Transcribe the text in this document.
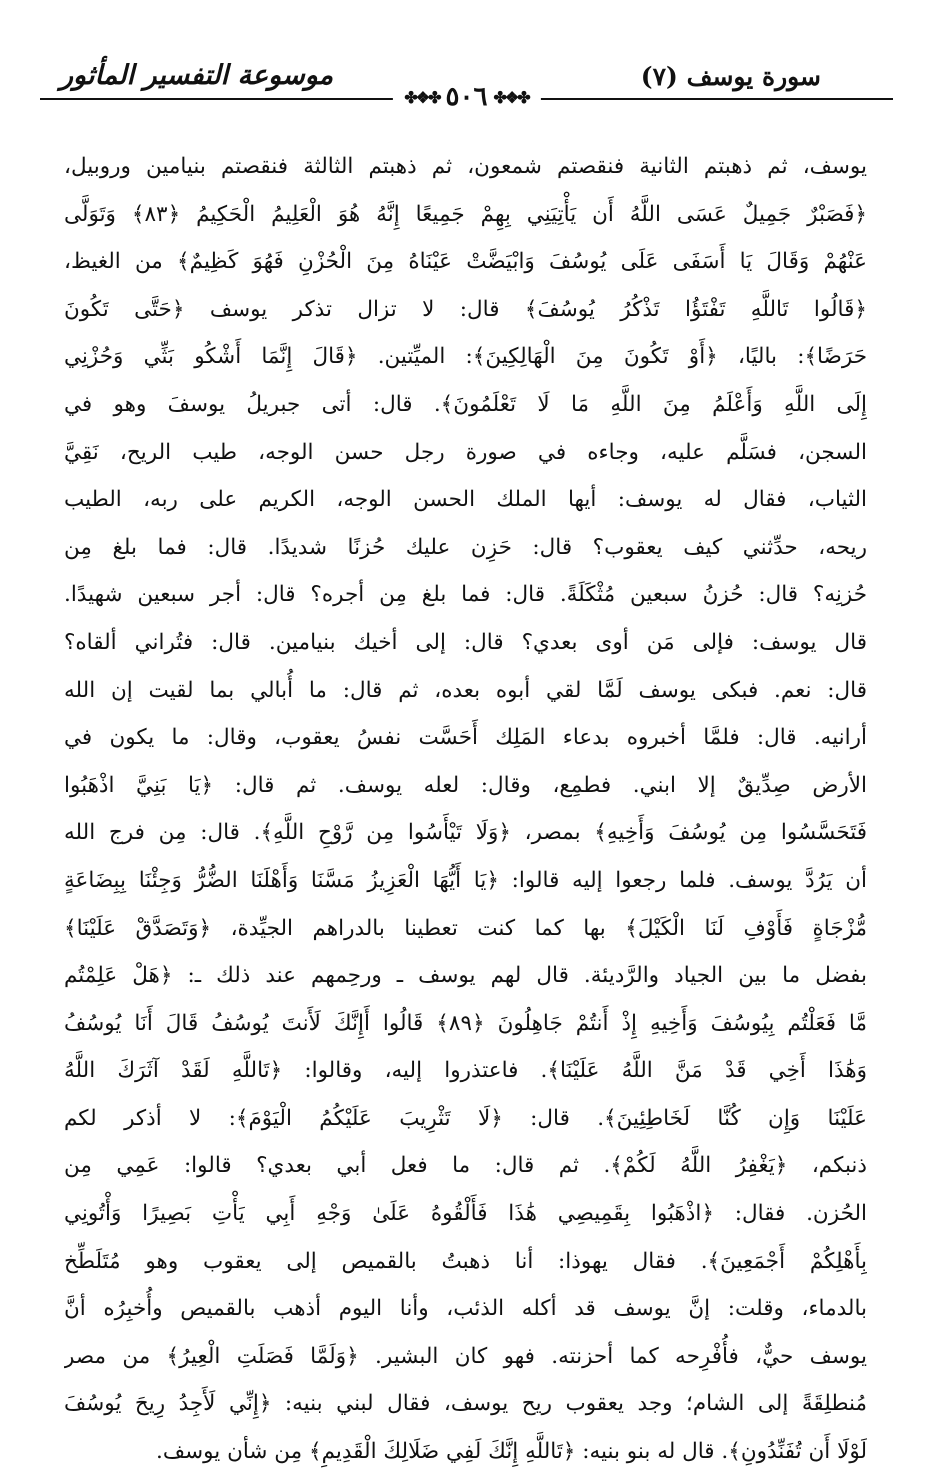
سورة يوسف (٧)
موسوعة التفسير المأثور
✤❖✤
٥٠٦
✤❖✤
يوسف، ثم ذهبتم الثانية فنقصتم شمعون، ثم ذهبتم الثالثة فنقصتم بنيامين وروبيل،
﴿فَصَبْرٌ جَمِيلٌ عَسَى اللَّهُ أَن يَأْتِيَنِي بِهِمْ جَمِيعًا إِنَّهُ هُوَ الْعَلِيمُ الْحَكِيمُ ﴿٨٣﴾ وَتَوَلَّى
عَنْهُمْ وَقَالَ يَا أَسَفَى عَلَى يُوسُفَ وَابْيَضَّتْ عَيْنَاهُ مِنَ الْحُزْنِ فَهُوَ كَظِيمٌ﴾ من الغيظ،
﴿قَالُوا تَاللَّهِ تَفْتَؤُا تَذْكُرُ يُوسُفَ﴾ قال: لا تزال تذكر يوسف ﴿حَتَّى تَكُونَ
حَرَضًا﴾: باليًا، ﴿أَوْ تَكُونَ مِنَ الْهَالِكِينَ﴾: الميِّتين. ﴿قَالَ إِنَّمَا أَشْكُو بَثِّي وَحُزْنِي
إِلَى اللَّهِ وَأَعْلَمُ مِنَ اللَّهِ مَا لَا تَعْلَمُونَ﴾. قال: أتى جبريلُ يوسفَ وهو في
السجن، فسَلَّم عليه، وجاءه في صورة رجل حسن الوجه، طيب الريح، نَقِيَّ
الثياب، فقال له يوسف: أيها الملك الحسن الوجه، الكريم على ربه، الطيب
ريحه، حدِّثني كيف يعقوب؟ قال: حَزِن عليك حُزنًا شديدًا. قال: فما بلغ مِن
حُزنِه؟ قال: حُزنُ سبعين مُثْكَلَةً. قال: فما بلغ مِن أجره؟ قال: أجر سبعين شهيدًا.
قال يوسف: فإلى مَن أوى بعدي؟ قال: إلى أخيك بنيامين. قال: فتُراني ألقاه؟
قال: نعم. فبكى يوسف لَمَّا لقي أبوه بعده، ثم قال: ما أُبالي بما لقيت إن الله
أرانيه. قال: فلمَّا أخبروه بدعاء المَلِك أَحَسَّت نفسُ يعقوب، وقال: ما يكون في
الأرض صِدِّيقٌ إلا ابني. فطمِع، وقال: لعله يوسف. ثم قال: ﴿يَا بَنِيَّ اذْهَبُوا
فَتَحَسَّسُوا مِن يُوسُفَ وَأَخِيهِ﴾ بمصر، ﴿وَلَا تَيْأَسُوا مِن رَّوْحِ اللَّهِ﴾. قال: مِن فرج الله
أن يَرُدَّ يوسف. فلما رجعوا إليه قالوا: ﴿يَا أَيُّهَا الْعَزِيزُ مَسَّنَا وَأَهْلَنَا الضُّرُّ وَجِئْنَا بِبِضَاعَةٍ
مُّزْجَاةٍ فَأَوْفِ لَنَا الْكَيْلَ﴾ بها كما كنت تعطينا بالدراهم الجيِّدة، ﴿وَتَصَدَّقْ عَلَيْنَا﴾
بفضل ما بين الجياد والرَّديئة. قال لهم يوسف ـ ورحِمهم عند ذلك ـ: ﴿هَلْ عَلِمْتُم
مَّا فَعَلْتُم بِيُوسُفَ وَأَخِيهِ إِذْ أَنتُمْ جَاهِلُونَ ﴿٨٩﴾ قَالُوا أَإِنَّكَ لَأَنتَ يُوسُفُ قَالَ أَنَا يُوسُفُ
وَهَٰذَا أَخِي قَدْ مَنَّ اللَّهُ عَلَيْنَا﴾. فاعتذروا إليه، وقالوا: ﴿تَاللَّهِ لَقَدْ آثَرَكَ اللَّهُ
عَلَيْنَا وَإِن كُنَّا لَخَاطِئِينَ﴾. قال: ﴿لَا تَثْرِيبَ عَلَيْكُمُ الْيَوْمَ﴾: لا أذكر لكم
ذنبكم، ﴿يَغْفِرُ اللَّهُ لَكُمْ﴾. ثم قال: ما فعل أبي بعدي؟ قالوا: عَمِي مِن
الحُزن. فقال: ﴿اذْهَبُوا بِقَمِيصِي هَٰذَا فَأَلْقُوهُ عَلَىٰ وَجْهِ أَبِي يَأْتِ بَصِيرًا وَأْتُونِي
بِأَهْلِكُمْ أَجْمَعِينَ﴾. فقال يهوذا: أنا ذهبتُ بالقميص إلى يعقوب وهو مُتَلَطِّخ
بالدماء، وقلت: إنَّ يوسف قد أكله الذئب، وأنا اليوم أذهب بالقميص وأُخبِرُه أنَّ
يوسف حيٌّ، فأُفْرِحه كما أحزنته. فهو كان البشير. ﴿وَلَمَّا فَصَلَتِ الْعِيرُ﴾ من مصر
مُنطلِقَةً إلى الشام؛ وجد يعقوب ريح يوسف، فقال لبني بنيه: ﴿إِنِّي لَأَجِدُ رِيحَ يُوسُفَ
لَوْلَا أَن تُفَنِّدُونِ﴾. قال له بنو بنيه: ﴿تَاللَّهِ إِنَّكَ لَفِي ضَلَالِكَ الْقَدِيمِ﴾ مِن شأن يوسف.
